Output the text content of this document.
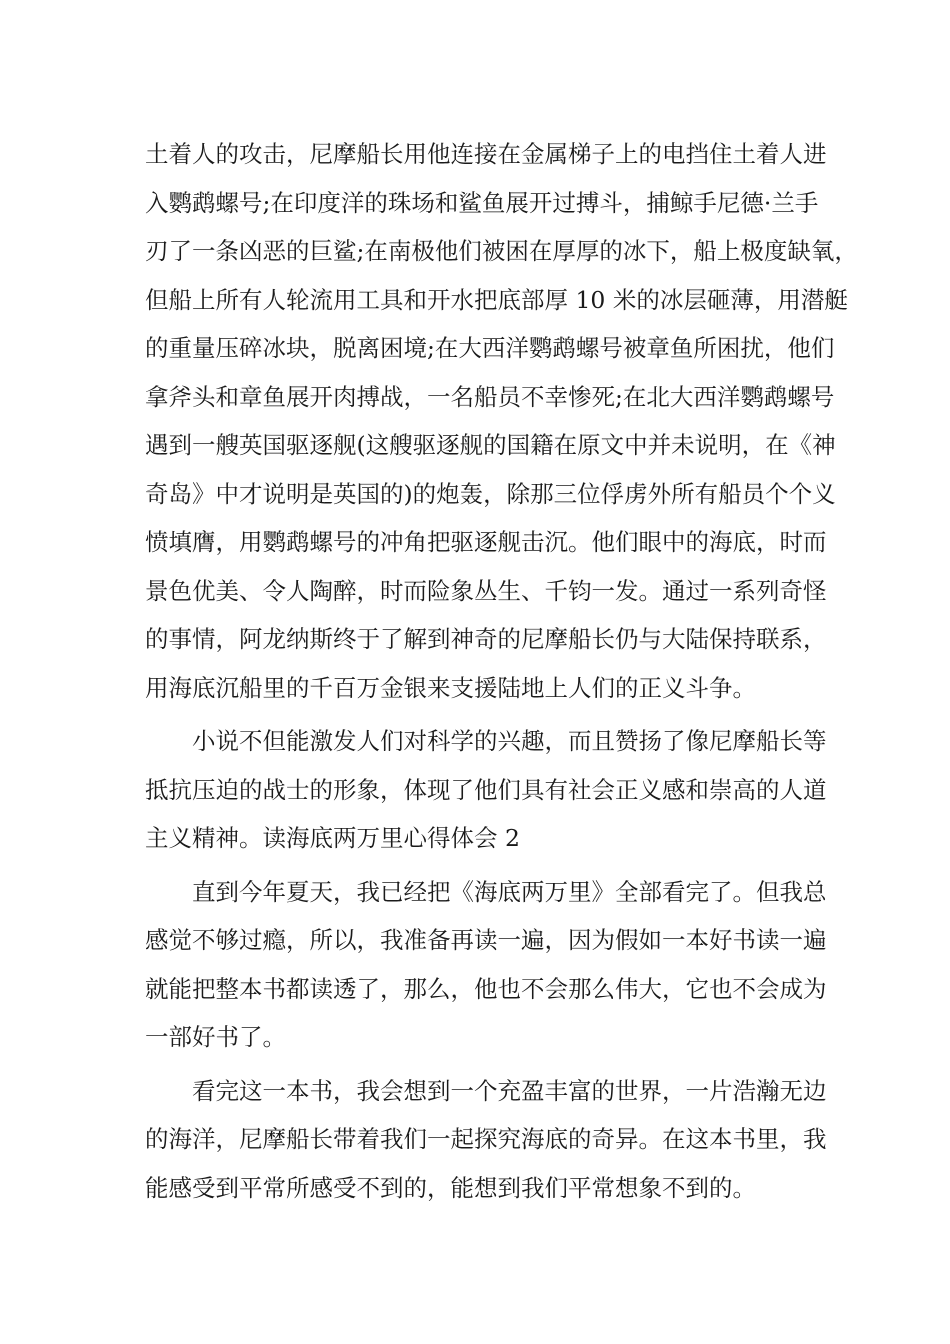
土着人的攻击，尼摩船长用他连接在金属梯子上的电挡住土着人进
入鹦鹉螺号;在印度洋的珠场和鲨鱼展开过搏斗，捕鲸手尼德·兰手
刃了一条凶恶的巨鲨;在南极他们被困在厚厚的冰下，船上极度缺氧，
但船上所有人轮流用工具和开水把底部厚 10 米的冰层砸薄，用潜艇
的重量压碎冰块，脱离困境;在大西洋鹦鹉螺号被章鱼所困扰，他们
拿斧头和章鱼展开肉搏战，一名船员不幸惨死;在北大西洋鹦鹉螺号
遇到一艘英国驱逐舰(这艘驱逐舰的国籍在原文中并未说明，在《神
奇岛》中才说明是英国的)的炮轰，除那三位俘虏外所有船员个个义
愤填膺，用鹦鹉螺号的冲角把驱逐舰击沉。他们眼中的海底，时而
景色优美、令人陶醉，时而险象丛生、千钧一发。通过一系列奇怪
的事情，阿龙纳斯终于了解到神奇的尼摩船长仍与大陆保持联系，
用海底沉船里的千百万金银来支援陆地上人们的正义斗争。
小说不但能激发人们对科学的兴趣，而且赞扬了像尼摩船长等
抵抗压迫的战士的形象，体现了他们具有社会正义感和崇高的人道
主义精神。读海底两万里心得体会 2
直到今年夏天，我已经把《海底两万里》全部看完了。但我总
感觉不够过瘾，所以，我准备再读一遍，因为假如一本好书读一遍
就能把整本书都读透了，那么，他也不会那么伟大，它也不会成为
一部好书了。
看完这一本书，我会想到一个充盈丰富的世界，一片浩瀚无边
的海洋，尼摩船长带着我们一起探究海底的奇异。在这本书里，我
能感受到平常所感受不到的，能想到我们平常想象不到的。
